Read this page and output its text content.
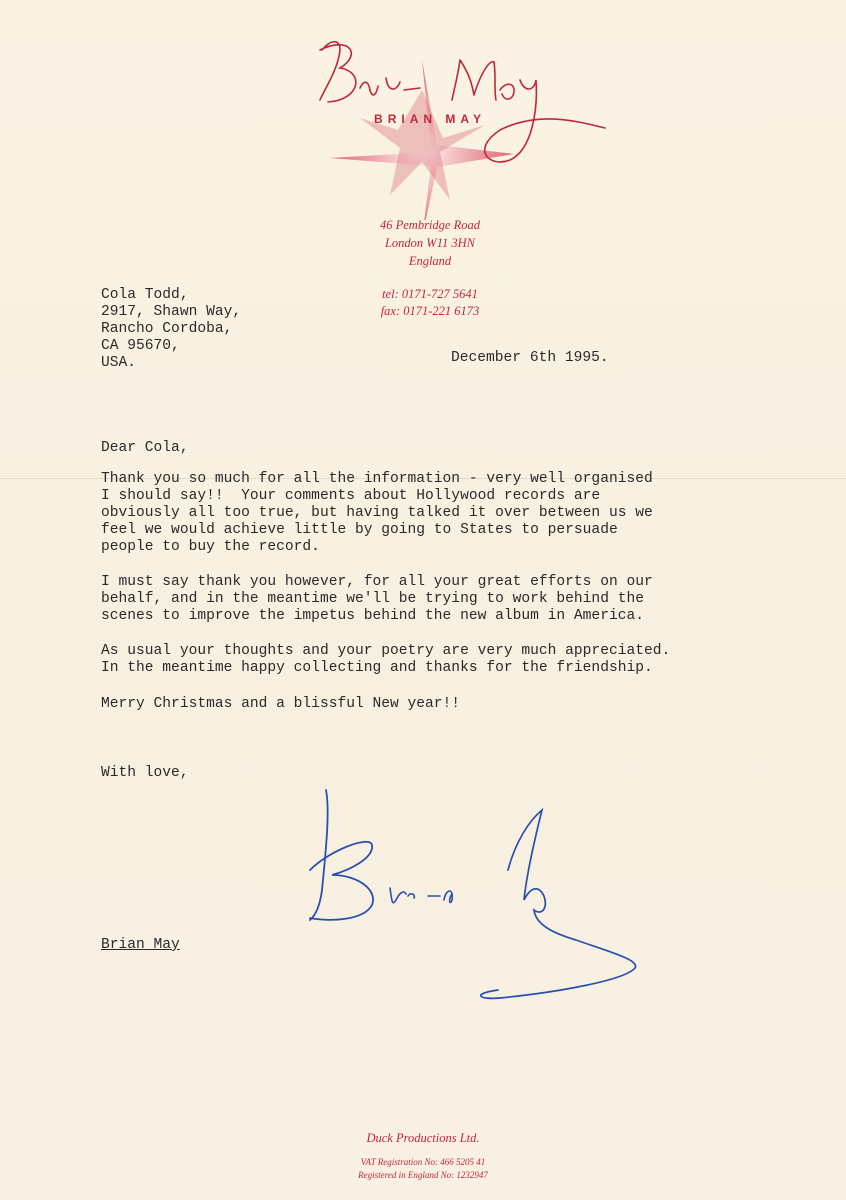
BRIAN MAY
46 Pembridge Road
London W11 3HN
England
tel: 0171-727 5641
fax: 0171-221 6173
Cola Todd,
2917, Shawn Way,
Rancho Cordoba,
CA 95670,
USA.	December 6th 1995.
Dear Cola,
Thank you so much for all the information - very well organised
I should say!!  Your comments about Hollywood records are
obviously all too true, but having talked it over between us we
feel we would achieve little by going to States to persuade
people to buy the record.
I must say thank you however, for all your great efforts on our
behalf, and in the meantime we'll be trying to work behind the
scenes to improve the impetus behind the new album in America.
As usual your thoughts and your poetry are very much appreciated.
In the meantime happy collecting and thanks for the friendship.
Merry Christmas and a blissful New year!!
With love,
Brian May
Duck Productions Ltd.
VAT Registration No: 466 5205 41
Registered in England No: 1232947
